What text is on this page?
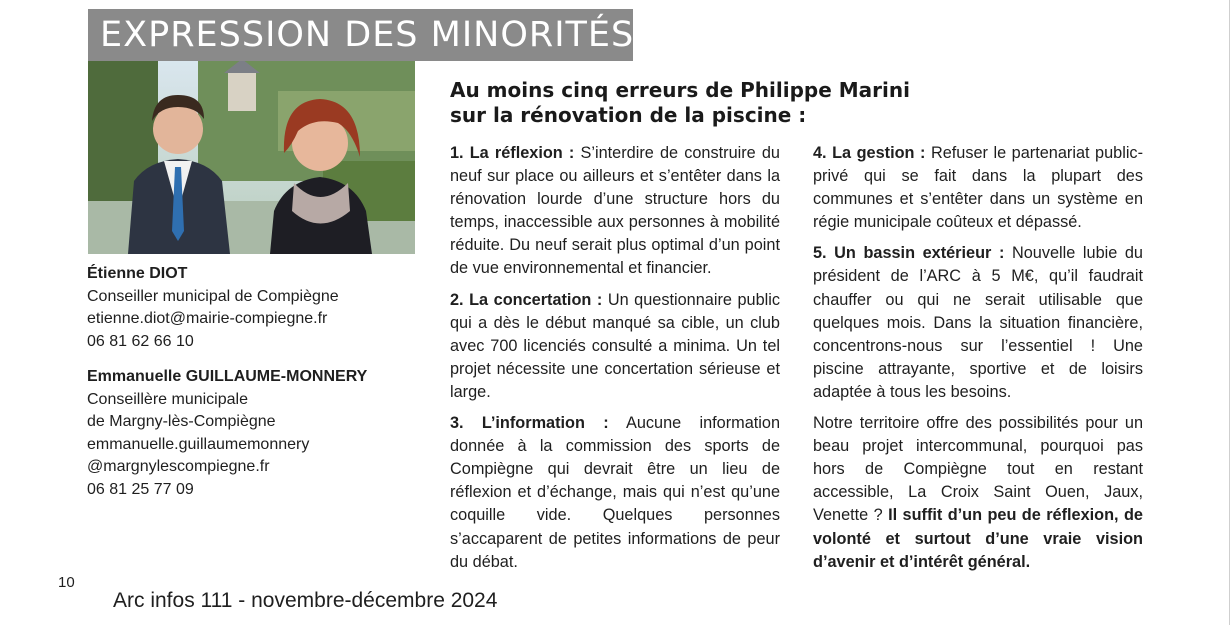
EXPRESSION DES MINORITÉS
Étienne DIOT
Conseiller municipal de Compiègne
etienne.diot@mairie-compiegne.fr
06 81 62 66 10
Emmanuelle GUILLAUME-MONNERY
Conseillère municipale
de Margny-lès-Compiègne
emmanuelle.guillaumemonnery
@margnylescompiegne.fr
06 81 25 77 09
Au moins cinq erreurs de Philippe Marini
sur la rénovation de la piscine :

1. La réflexion : S’interdire de construire du neuf sur place ou ailleurs et s’entêter dans la rénovation lourde d’une structure hors du temps, inaccessible aux personnes à mobilité réduite. Du neuf serait plus optimal d’un point de vue environnemental et financier.

2. La concertation : Un questionnaire public qui a dès le début manqué sa cible, un club avec 700 licenciés consulté a minima. Un tel projet nécessite une concertation sérieuse et large.

3. L’information : Aucune information donnée à la commission des sports de Compiègne qui devrait être un lieu de réflexion et d’échange, mais qui n’est qu’une coquille vide. Quelques personnes s’accaparent de petites informations de peur du débat.

4. La gestion : Refuser le partenariat public-privé qui se fait dans la plupart des communes et s’entêter dans un système en régie municipale coûteux et dépassé.

5. Un bassin extérieur : Nouvelle lubie du président de l’ARC à 5 M€, qu’il faudrait chauffer ou qui ne serait utilisable que quelques mois. Dans la situation financière, concentrons-nous sur l’essentiel ! Une piscine attrayante, sportive et de loisirs adaptée à tous les besoins.

Notre territoire offre des possibilités pour un beau projet intercommunal, pourquoi pas hors de Compiègne tout en restant accessible, La Croix Saint Ouen, Jaux, Venette ? Il suffit d’un peu de réflexion, de volonté et surtout d’une vraie vision d’avenir et d’intérêt général.

10
Arc infos 111 - novembre-décembre 2024
